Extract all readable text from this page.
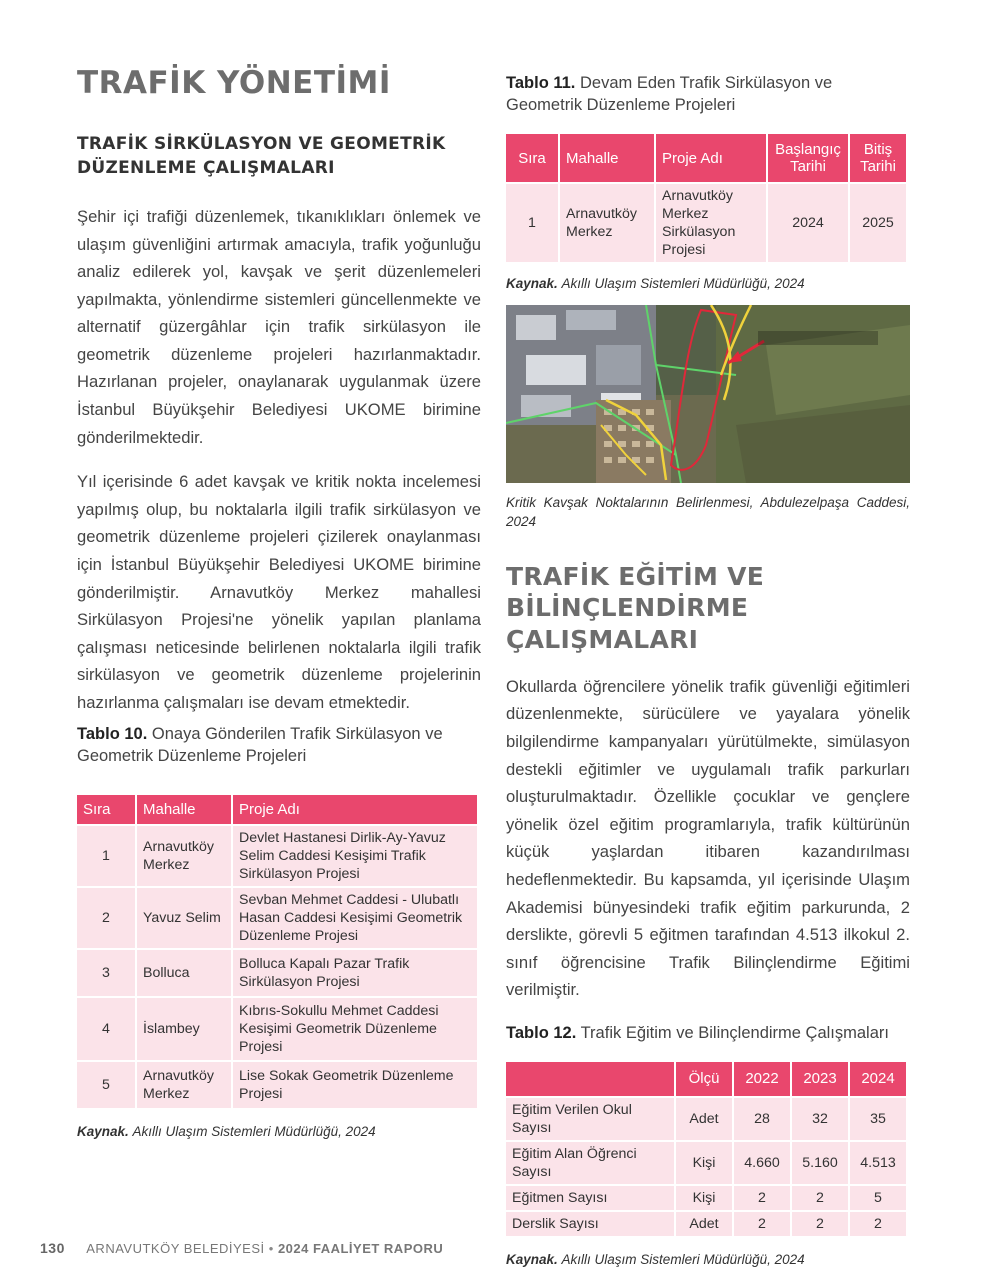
TRAFİK YÖNETİMİ
TRAFİK SİRKÜLASYON VE GEOMETRİK
DÜZENLEME ÇALIŞMALARI

Şehir içi trafiği düzenlemek, tıkanıklıkları önlemek ve ulaşım güvenliğini artırmak amacıyla, trafik yoğunluğu analiz edilerek yol, kavşak ve şerit düzenlemeleri yapılmakta, yönlendirme sistemleri güncellenmekte ve alternatif güzergâhlar için trafik sirkülasyon ile geometrik düzenleme projeleri hazırlanmaktadır. Hazırlanan projeler, onaylanarak uygulanmak üzere İstanbul Büyükşehir Belediyesi UKOME birimine gönderilmektedir.

Yıl içerisinde 6 adet kavşak ve kritik nokta incelemesi yapılmış olup, bu noktalarla ilgili trafik sirkülasyon ve geometrik düzenleme projeleri çizilerek onaylanması için İstanbul Büyükşehir Belediyesi UKOME birimine gönderilmiştir. Arnavutköy Merkez mahallesi Sirkülasyon Projesi'ne yönelik yapılan planlama çalışması neticesinde belirlenen noktalarla ilgili trafik sirkülasyon ve geometrik düzenleme projelerinin hazırlanma çalışmaları ise devam etmektedir.

Tablo 10. Onaya Gönderilen Trafik Sirkülasyon ve Geometrik Düzenleme Projeleri
Sıra	Mahalle	Proje Adı
1	Arnavutköy Merkez	Devlet Hastanesi Dirlik-Ay-Yavuz Selim Caddesi Kesişimi Trafik Sirkülasyon Projesi
2	Yavuz Selim	Sevban Mehmet Caddesi - Ulubatlı Hasan Caddesi Kesişimi Geometrik Düzenleme Projesi
3	Bolluca	Bolluca Kapalı Pazar Trafik Sirkülasyon Projesi
4	İslambey	Kıbrıs-Sokullu Mehmet Caddesi Kesişimi Geometrik Düzenleme Projesi
5	Arnavutköy Merkez	Lise Sokak Geometrik Düzenleme Projesi
Kaynak. Akıllı Ulaşım Sistemleri Müdürlüğü, 2024
Tablo 11. Devam Eden Trafik Sirkülasyon ve Geometrik Düzenleme Projeleri
Sıra	Mahalle	Proje Adı	Başlangıç Tarihi	Bitiş Tarihi
1	Arnavutköy Merkez	Arnavutköy Merkez Sirkülasyon Projesi	2024	2025
Kaynak. Akıllı Ulaşım Sistemleri Müdürlüğü, 2024
Kritik Kavşak Noktalarının Belirlenmesi, Abdulezelpaşa Caddesi, 2024
TRAFİK EĞİTİM VE
BİLİNÇLENDİRME ÇALIŞMALARI

Okullarda öğrencilere yönelik trafik güvenliği eğitimleri düzenlenmekte, sürücülere ve yayalara yönelik bilgilendirme kampanyaları yürütülmekte, simülasyon destekli eğitimler ve uygulamalı trafik parkurları oluşturulmaktadır. Özellikle çocuklar ve gençlere yönelik özel eğitim programlarıyla, trafik kültürünün küçük yaşlardan itibaren kazandırılması hedeflenmektedir. Bu kapsamda, yıl içerisinde Ulaşım Akademisi bünyesindeki trafik eğitim parkurunda, 2 derslikte, görevli 5 eğitmen tarafından 4.513 ilkokul 2. sınıf öğrencisine Trafik Bilinçlendirme Eğitimi verilmiştir.

Tablo 12. Trafik Eğitim ve Bilinçlendirme Çalışmaları
	Ölçü	2022	2023	2024
Eğitim Verilen Okul Sayısı	Adet	28	32	35
Eğitim Alan Öğrenci Sayısı	Kişi	4.660	5.160	4.513
Eğitmen Sayısı	Kişi	2	2	5
Derslik Sayısı	Adet	2	2	2
Kaynak. Akıllı Ulaşım Sistemleri Müdürlüğü, 2024
130 ARNAVUTKÖY BELEDİYESİ • 2024 FAALİYET RAPORU
